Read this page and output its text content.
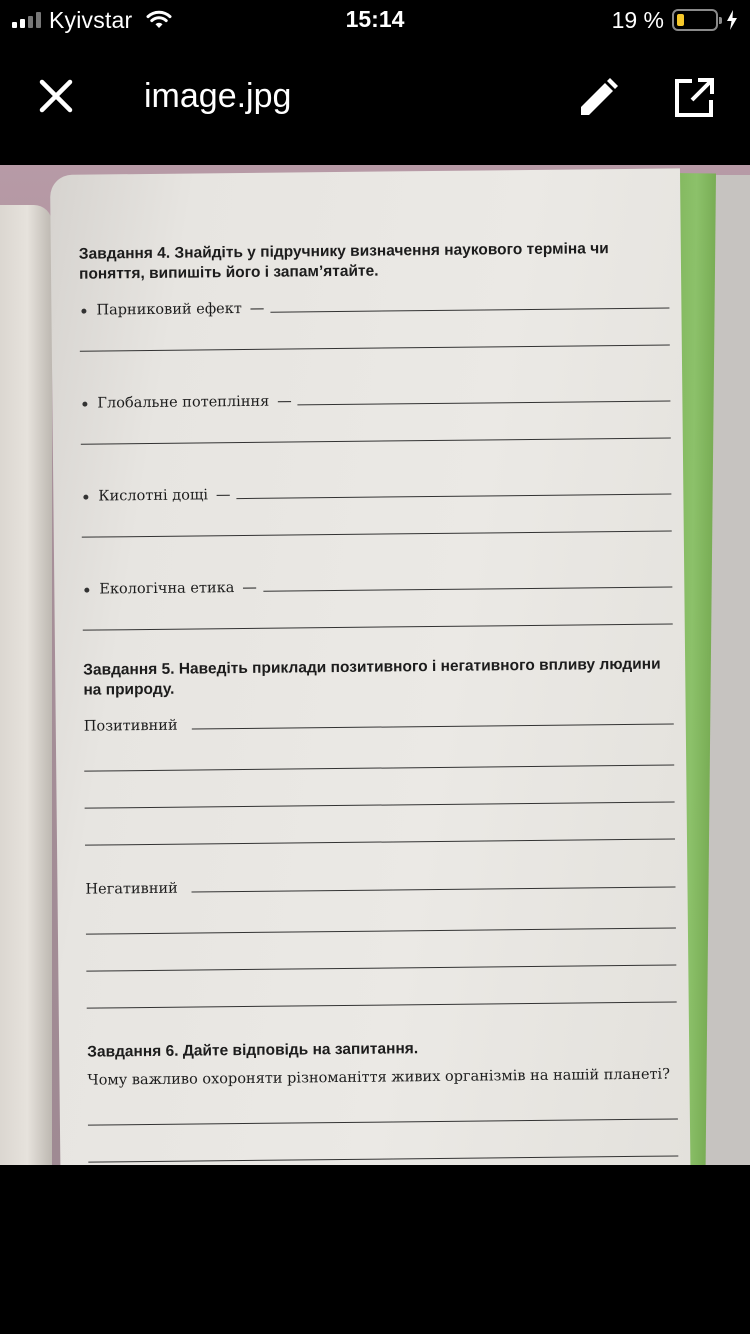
Kyivstar	15:14	19 %
image.jpg
Завдання 4. Знайдіть у підручнику визначення наукового терміна чи поняття, випишіть його і запам’ятайте.
Парниковий ефект —
Глобальне потепління —
Кислотні дощі —
Екологічна етика —
Завдання 5. Наведіть приклади позитивного і негативного впливу людини на природу.
Позитивний
Негативний
Завдання 6. Дайте відповідь на запитання.
Чому важливо охороняти різноманіття живих організмів на нашій планеті?
